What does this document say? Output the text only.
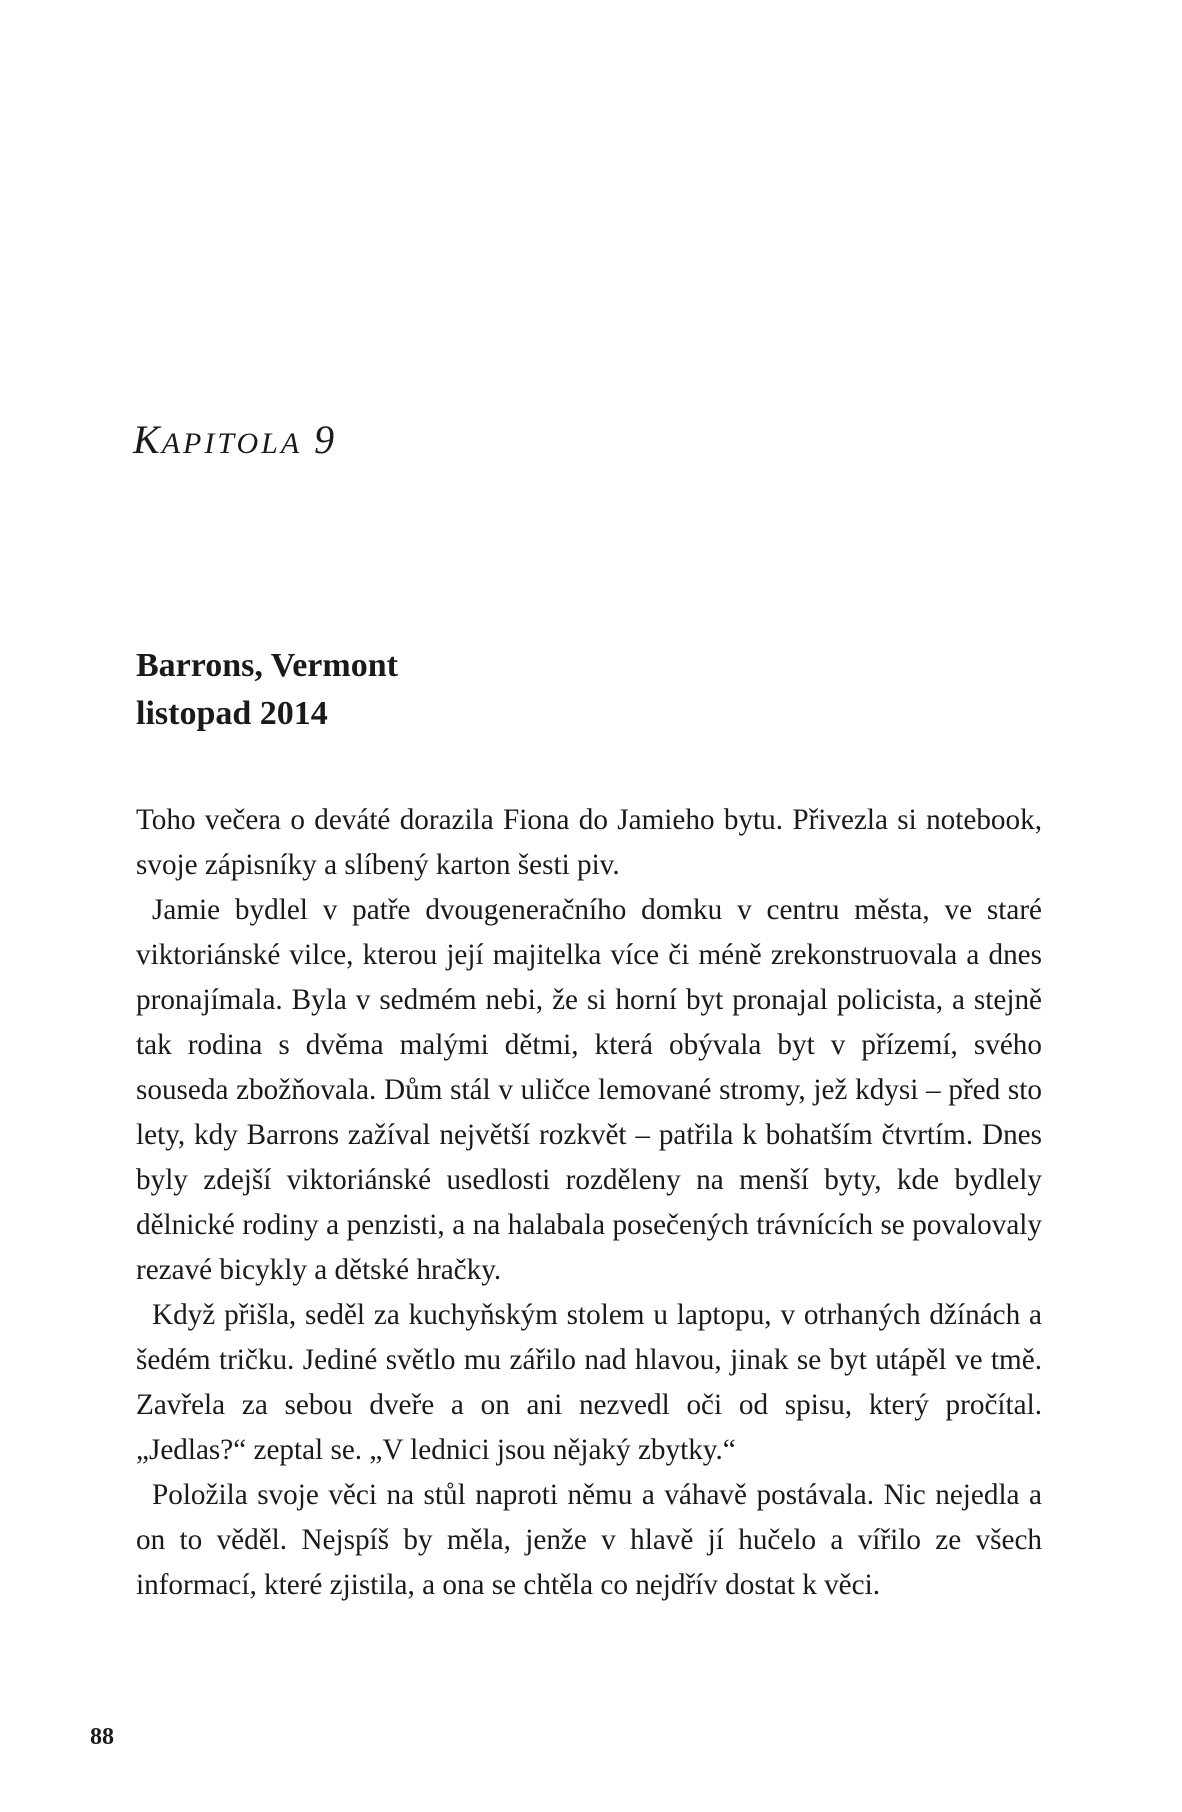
KAPITOLA 9
Barrons, Vermont
listopad 2014

Toho večera o deváté dorazila Fiona do Jamieho bytu. Přivezla si notebook, svoje zápisníky a slíbený karton šesti piv.

Jamie bydlel v patře dvougeneračního domku v centru města, ve staré viktoriánské vilce, kterou její majitelka více či méně zrekonstruovala a dnes pronajímala. Byla v sedmém nebi, že si horní byt pronajal policista, a stejně tak rodina s dvěma malými dětmi, která obývala byt v přízemí, svého souseda zbožňovala. Dům stál v uličce lemované stromy, jež kdysi – před sto lety, kdy Barrons zažíval největší rozkvět – patřila k bohatším čtvrtím. Dnes byly zdejší viktoriánské usedlosti rozděleny na menší byty, kde bydlely dělnické rodiny a penzisti, a na halabala posečených trávnících se povalovaly rezavé bicykly a dětské hračky.

Když přišla, seděl za kuchyňským stolem u laptopu, v otrhaných džínách a šedém tričku. Jediné světlo mu zářilo nad hlavou, jinak se byt utápěl ve tmě. Zavřela za sebou dveře a on ani nezvedl oči od spisu, který pročítal. „Jedlas?“ zeptal se. „V lednici jsou nějaký zbytky.“

Položila svoje věci na stůl naproti němu a váhavě postávala. Nic nejedla a on to věděl. Nejspíš by měla, jenže v hlavě jí hučelo a vířilo ze všech informací, které zjistila, a ona se chtěla co nejdřív dostat k věci.

88
